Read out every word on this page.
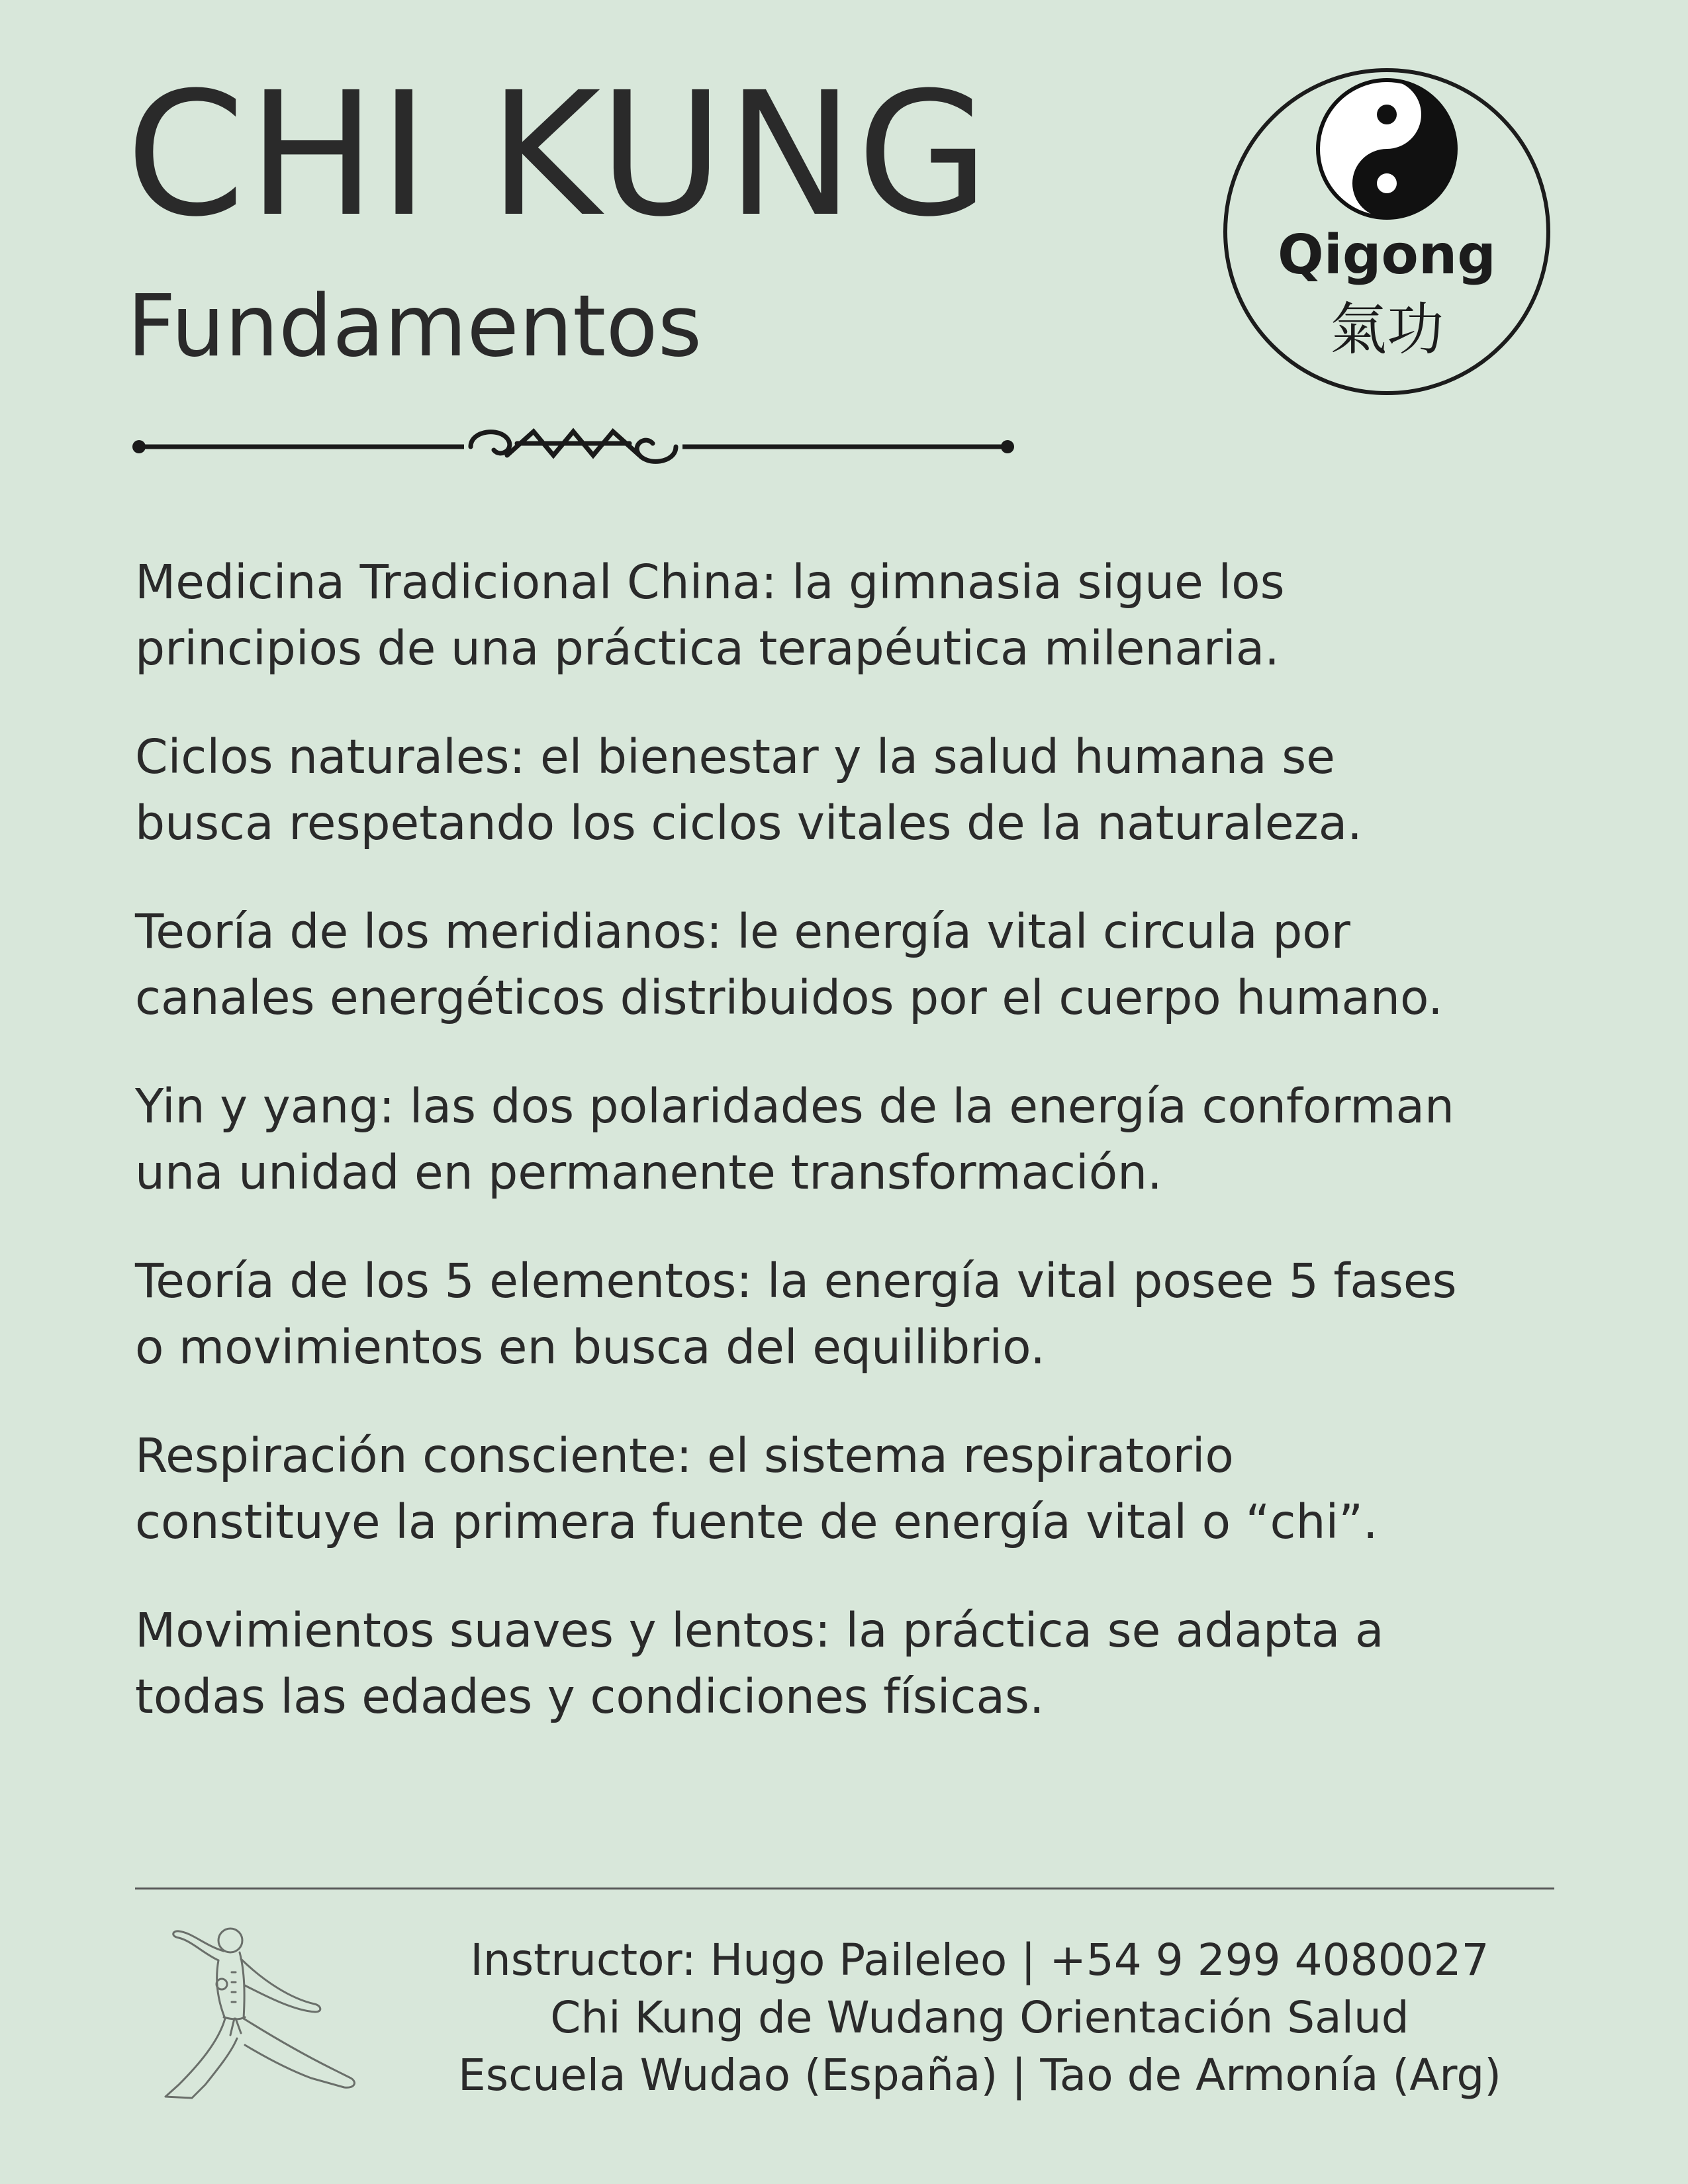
CHI KUNG
Fundamentos
Qigong
氣功

Medicina Tradicional China: la gimnasia sigue los
principios de una práctica terapéutica milenaria.

Ciclos naturales: el bienestar y la salud humana se
busca respetando los ciclos vitales de la naturaleza.

Teoría de los meridianos: le energía vital circula por
canales energéticos distribuidos por el cuerpo humano.

Yin y yang: las dos polaridades de la energía conforman
una unidad en permanente transformación.

Teoría de los 5 elementos: la energía vital posee 5 fases
o movimientos en busca del equilibrio.

Respiración consciente: el sistema respiratorio
constituye la primera fuente de energía vital o “chi”.

Movimientos suaves y lentos: la práctica se adapta a
todas las edades y condiciones físicas.

Instructor: Hugo Paileleo | +54 9 299 4080027
Chi Kung de Wudang Orientación Salud
Escuela Wudao (España) | Tao de Armonía (Arg)
